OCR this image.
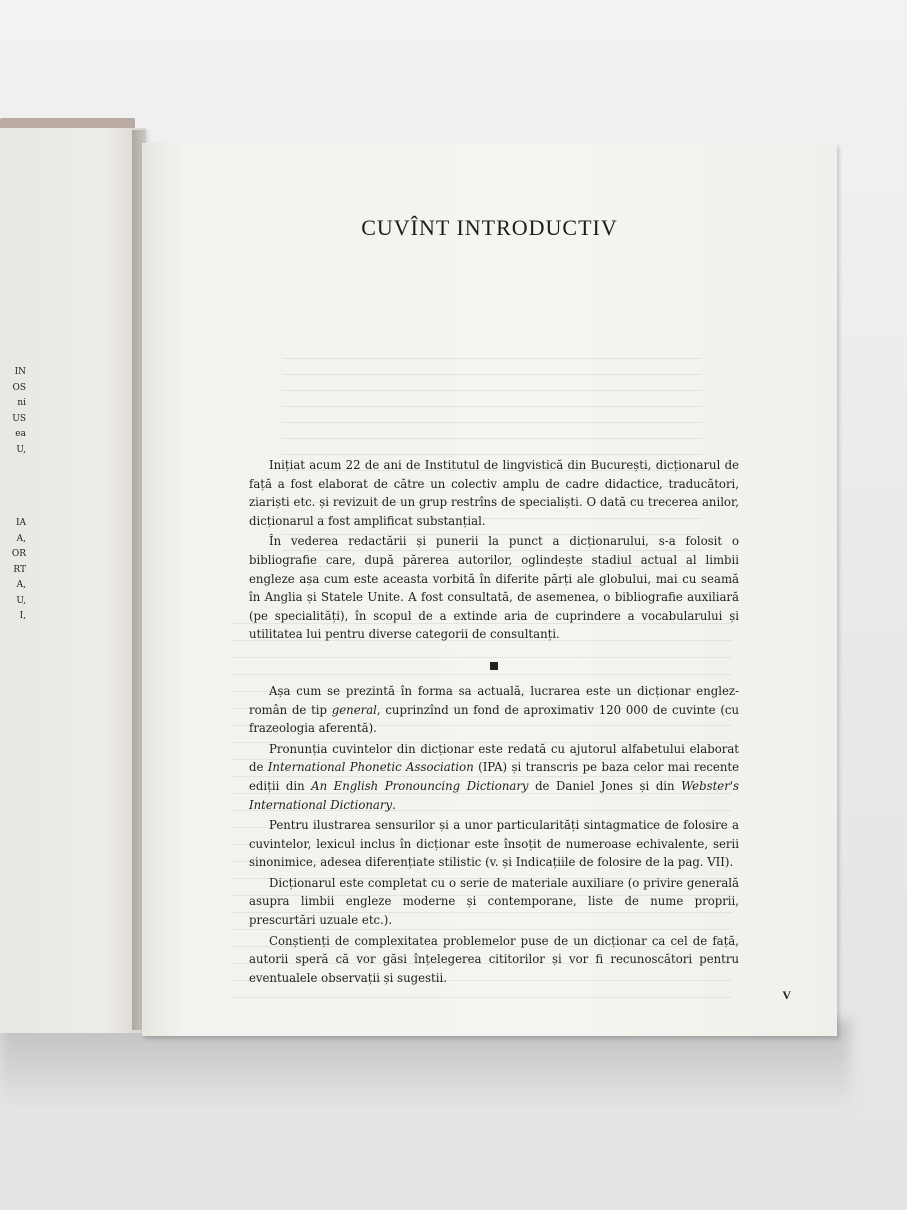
IN
OS
ni
US
ea
U,
IA
A,
OR
RT
A,
U,
I,
CUVÎNT INTRODUCTIV

Inițiat acum 22 de ani de Institutul de lingvistică din București, dicționarul de față a fost elaborat de către un colectiv amplu de cadre didactice, traducători, ziariști etc. și revizuit de un grup restrîns de specialiști. O dată cu trecerea anilor, dicționarul a fost amplificat substanțial.

În vederea redactării și punerii la punct a dicționarului, s-a folosit o bibliografie care, după părerea autorilor, oglindește stadiul actual al limbii engleze așa cum este aceasta vorbită în diferite părți ale globului, mai cu seamă în Anglia și Statele Unite. A fost consultată, de asemenea, o bibliografie auxiliară (pe specialități), în scopul de a extinde aria de cuprindere a vocabularului și utilitatea lui pentru diverse categorii de consultanți.

Așa cum se prezintă în forma sa actuală, lucrarea este un dicționar englez-român de tip general, cuprinzînd un fond de aproximativ 120 000 de cuvinte (cu frazeologia aferentă).

Pronunția cuvintelor din dicționar este redată cu ajutorul alfabetului elaborat de International Phonetic Association (IPA) și transcris pe baza celor mai recente ediții din An English Pronouncing Dictionary de Daniel Jones și din Webster's International Dictionary.

Pentru ilustrarea sensurilor și a unor particularități sintagmatice de folosire a cuvintelor, lexicul inclus în dicționar este însoțit de numeroase echivalente, serii sinonimice, adesea diferențiate stilistic (v. și Indicațiile de folosire de la pag. VII).

Dicționarul este completat cu o serie de materiale auxiliare (o privire generală asupra limbii engleze moderne și contemporane, liste de nume proprii, prescurtări uzuale etc.).

Conștienți de complexitatea problemelor puse de un dicționar ca cel de față, autorii speră că vor găsi înțelegerea cititorilor și vor fi recunoscători pentru eventualele observații și sugestii.

V
